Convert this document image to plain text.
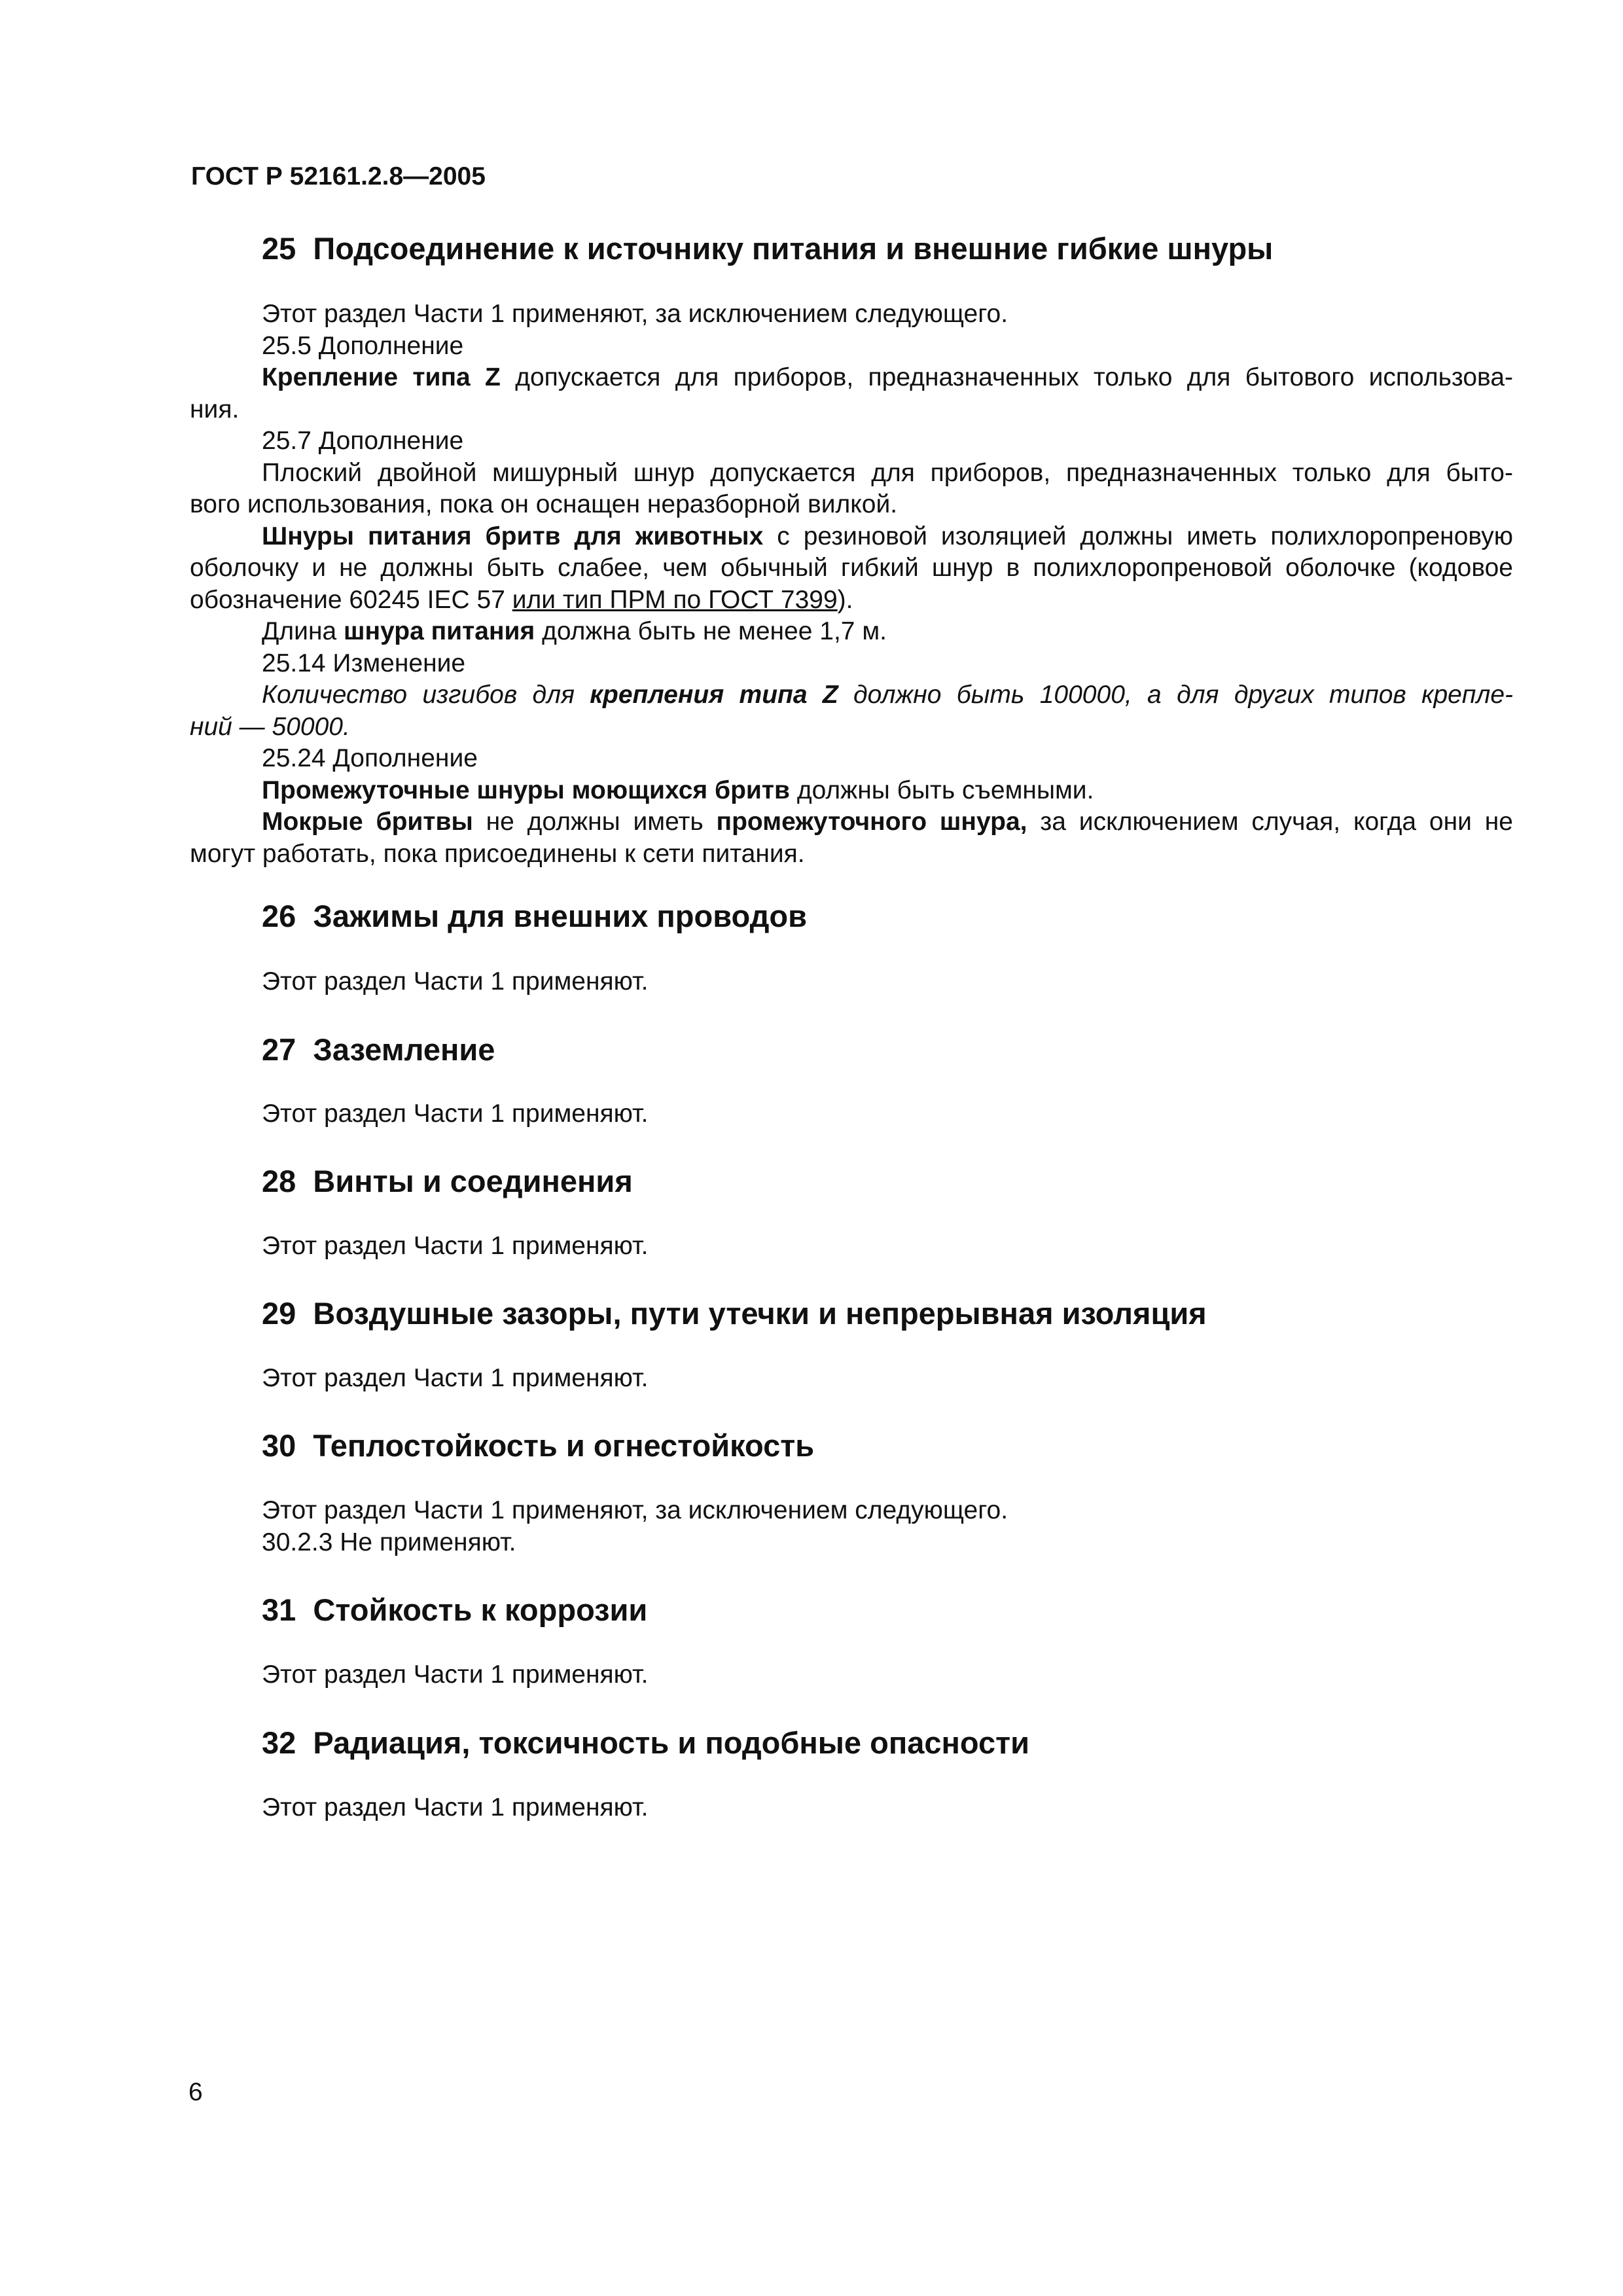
ГОСТ Р 52161.2.8—2005

25 Подсоединение к источнику питания и внешние гибкие шнуры

Этот раздел Части 1 применяют, за исключением следующего.

25.5 Дополнение

Крепление типа Z допускается для приборов, предназначенных только для бытового использова-

ния.

25.7 Дополнение

Плоский двойной мишурный шнур допускается для приборов, предназначенных только для быто-

вого использования, пока он оснащен неразборной вилкой.

Шнуры питания бритв для животных с резиновой изоляцией должны иметь полихлоропреновую

оболочку и не должны быть слабее, чем обычный гибкий шнур в полихлоропреновой оболочке (кодовое

обозначение 60245 IEC 57 или тип ПРМ по ГОСТ 7399).

Длина шнура питания должна быть не менее 1,7 м.

25.14 Изменение

Количество изгибов для крепления типа Z должно быть 100000, а для других типов крепле-

ний — 50000.

25.24 Дополнение

Промежуточные шнуры моющихся бритв должны быть съемными.

Мокрые бритвы не должны иметь промежуточного шнура, за исключением случая, когда они не

могут работать, пока присоединены к сети питания.

26 Зажимы для внешних проводов

Этот раздел Части 1 применяют.

27 Заземление

Этот раздел Части 1 применяют.

28 Винты и соединения

Этот раздел Части 1 применяют.

29 Воздушные зазоры, пути утечки и непрерывная изоляция

Этот раздел Части 1 применяют.

30 Теплостойкость и огнестойкость

Этот раздел Части 1 применяют, за исключением следующего.

30.2.3 Не применяют.

31 Стойкость к коррозии

Этот раздел Части 1 применяют.

32 Радиация, токсичность и подобные опасности

Этот раздел Части 1 применяют.

6
